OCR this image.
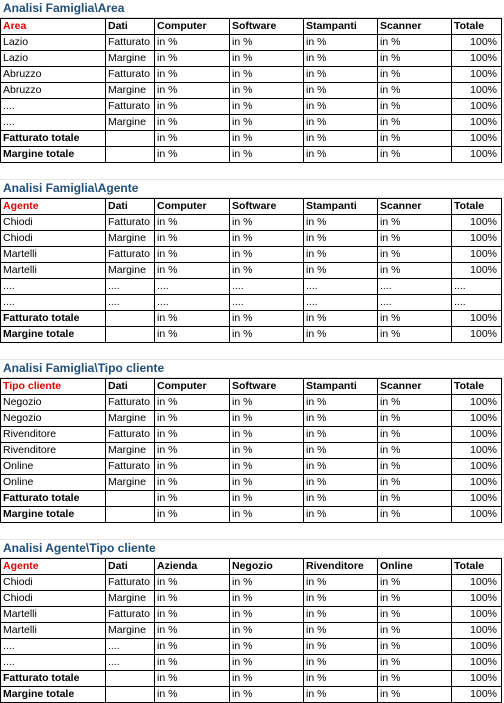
Analisi Famiglia\Area
Area	Dati	Computer	Software	Stampanti	Scanner	Totale
Lazio	Fatturato	in %	in %	in %	in %	100%
Lazio	Margine	in %	in %	in %	in %	100%
Abruzzo	Fatturato	in %	in %	in %	in %	100%
Abruzzo	Margine	in %	in %	in %	in %	100%
....	Fatturato	in %	in %	in %	in %	100%
....	Margine	in %	in %	in %	in %	100%
Fatturato totale		in %	in %	in %	in %	100%
Margine totale		in %	in %	in %	in %	100%
Analisi Famiglia\Agente
Agente	Dati	Computer	Software	Stampanti	Scanner	Totale
Chiodi	Fatturato	in %	in %	in %	in %	100%
Chiodi	Margine	in %	in %	in %	in %	100%
Martelli	Fatturato	in %	in %	in %	in %	100%
Martelli	Margine	in %	in %	in %	in %	100%
....	....	....	....	....	....	....
....	....	....	....	....	....	....
Fatturato totale		in %	in %	in %	in %	100%
Margine totale		in %	in %	in %	in %	100%
Analisi Famiglia\Tipo cliente
Tipo cliente	Dati	Computer	Software	Stampanti	Scanner	Totale
Negozio	Fatturato	in %	in %	in %	in %	100%
Negozio	Margine	in %	in %	in %	in %	100%
Rivenditore	Fatturato	in %	in %	in %	in %	100%
Rivenditore	Margine	in %	in %	in %	in %	100%
Online	Fatturato	in %	in %	in %	in %	100%
Online	Margine	in %	in %	in %	in %	100%
Fatturato totale		in %	in %	in %	in %	100%
Margine totale		in %	in %	in %	in %	100%
Analisi Agente\Tipo cliente
Agente	Dati	Azienda	Negozio	Rivenditore	Online	Totale
Chiodi	Fatturato	in %	in %	in %	in %	100%
Chiodi	Margine	in %	in %	in %	in %	100%
Martelli	Fatturato	in %	in %	in %	in %	100%
Martelli	Margine	in %	in %	in %	in %	100%
....	....	in %	in %	in %	in %	100%
....	....	in %	in %	in %	in %	100%
Fatturato totale		in %	in %	in %	in %	100%
Margine totale		in %	in %	in %	in %	100%
